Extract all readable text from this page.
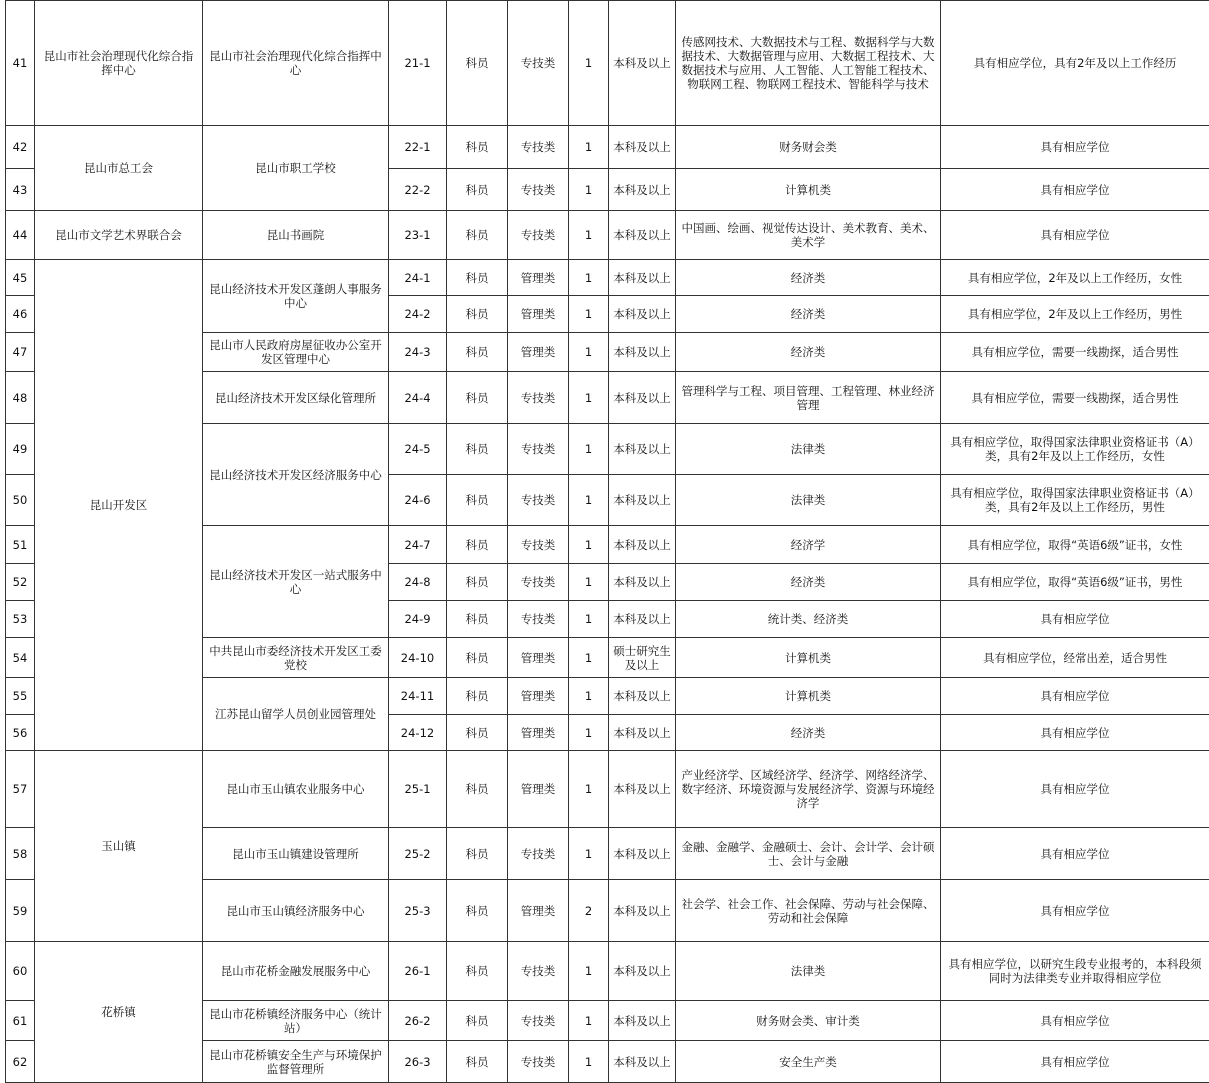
41	昆山市社会治理现代化综合指挥中心	昆山市社会治理现代化综合指挥中心	21-1	科员	专技类	1	本科及以上	传感网技术、大数据技术与工程、数据科学与大数据技术、大数据管理与应用、大数据工程技术、大数据技术与应用、人工智能、人工智能工程技术、物联网工程、物联网工程技术、智能科学与技术	具有相应学位，具有2年及以上工作经历
42	昆山市总工会	昆山市职工学校	22-1	科员	专技类	1	本科及以上	财务财会类	具有相应学位
43			22-2	科员	专技类	1	本科及以上	计算机类	具有相应学位
44	昆山市文学艺术界联合会	昆山书画院	23-1	科员	专技类	1	本科及以上	中国画、绘画、视觉传达设计、美术教育、美术、美术学	具有相应学位
45	昆山开发区	昆山经济技术开发区蓬朗人事服务中心	24-1	科员	管理类	1	本科及以上	经济类	具有相应学位，2年及以上工作经历，女性
46			24-2	科员	管理类	1	本科及以上	经济类	具有相应学位，2年及以上工作经历，男性
47		昆山市人民政府房屋征收办公室开发区管理中心	24-3	科员	管理类	1	本科及以上	经济类	具有相应学位，需要一线勘探，适合男性
48		昆山经济技术开发区绿化管理所	24-4	科员	专技类	1	本科及以上	管理科学与工程、项目管理、工程管理、林业经济管理	具有相应学位，需要一线勘探，适合男性
49		昆山经济技术开发区经济服务中心	24-5	科员	专技类	1	本科及以上	法律类	具有相应学位，取得国家法律职业资格证书（A）类，具有2年及以上工作经历，女性
50			24-6	科员	专技类	1	本科及以上	法律类	具有相应学位，取得国家法律职业资格证书（A）类，具有2年及以上工作经历，男性
51		昆山经济技术开发区一站式服务中心	24-7	科员	专技类	1	本科及以上	经济学	具有相应学位，取得“英语6级”证书，女性
52			24-8	科员	专技类	1	本科及以上	经济类	具有相应学位，取得“英语6级”证书，男性
53			24-9	科员	专技类	1	本科及以上	统计类、经济类	具有相应学位
54		中共昆山市委经济技术开发区工委党校	24-10	科员	管理类	1	硕士研究生及以上	计算机类	具有相应学位，经常出差，适合男性
55		江苏昆山留学人员创业园管理处	24-11	科员	管理类	1	本科及以上	计算机类	具有相应学位
56			24-12	科员	管理类	1	本科及以上	经济类	具有相应学位
57	玉山镇	昆山市玉山镇农业服务中心	25-1	科员	管理类	1	本科及以上	产业经济学、区域经济学、经济学、网络经济学、数字经济、环境资源与发展经济学、资源与环境经济学	具有相应学位
58		昆山市玉山镇建设管理所	25-2	科员	专技类	1	本科及以上	金融、金融学、金融硕士、会计、会计学、会计硕士、会计与金融	具有相应学位
59		昆山市玉山镇经济服务中心	25-3	科员	管理类	2	本科及以上	社会学、社会工作、社会保障、劳动与社会保障、劳动和社会保障	具有相应学位
60	花桥镇	昆山市花桥金融发展服务中心	26-1	科员	专技类	1	本科及以上	法律类	具有相应学位，以研究生段专业报考的，本科段须同时为法律类专业并取得相应学位
61		昆山市花桥镇经济服务中心（统计站）	26-2	科员	专技类	1	本科及以上	财务财会类、审计类	具有相应学位
62		昆山市花桥镇安全生产与环境保护监督管理所	26-3	科员	专技类	1	本科及以上	安全生产类	具有相应学位
